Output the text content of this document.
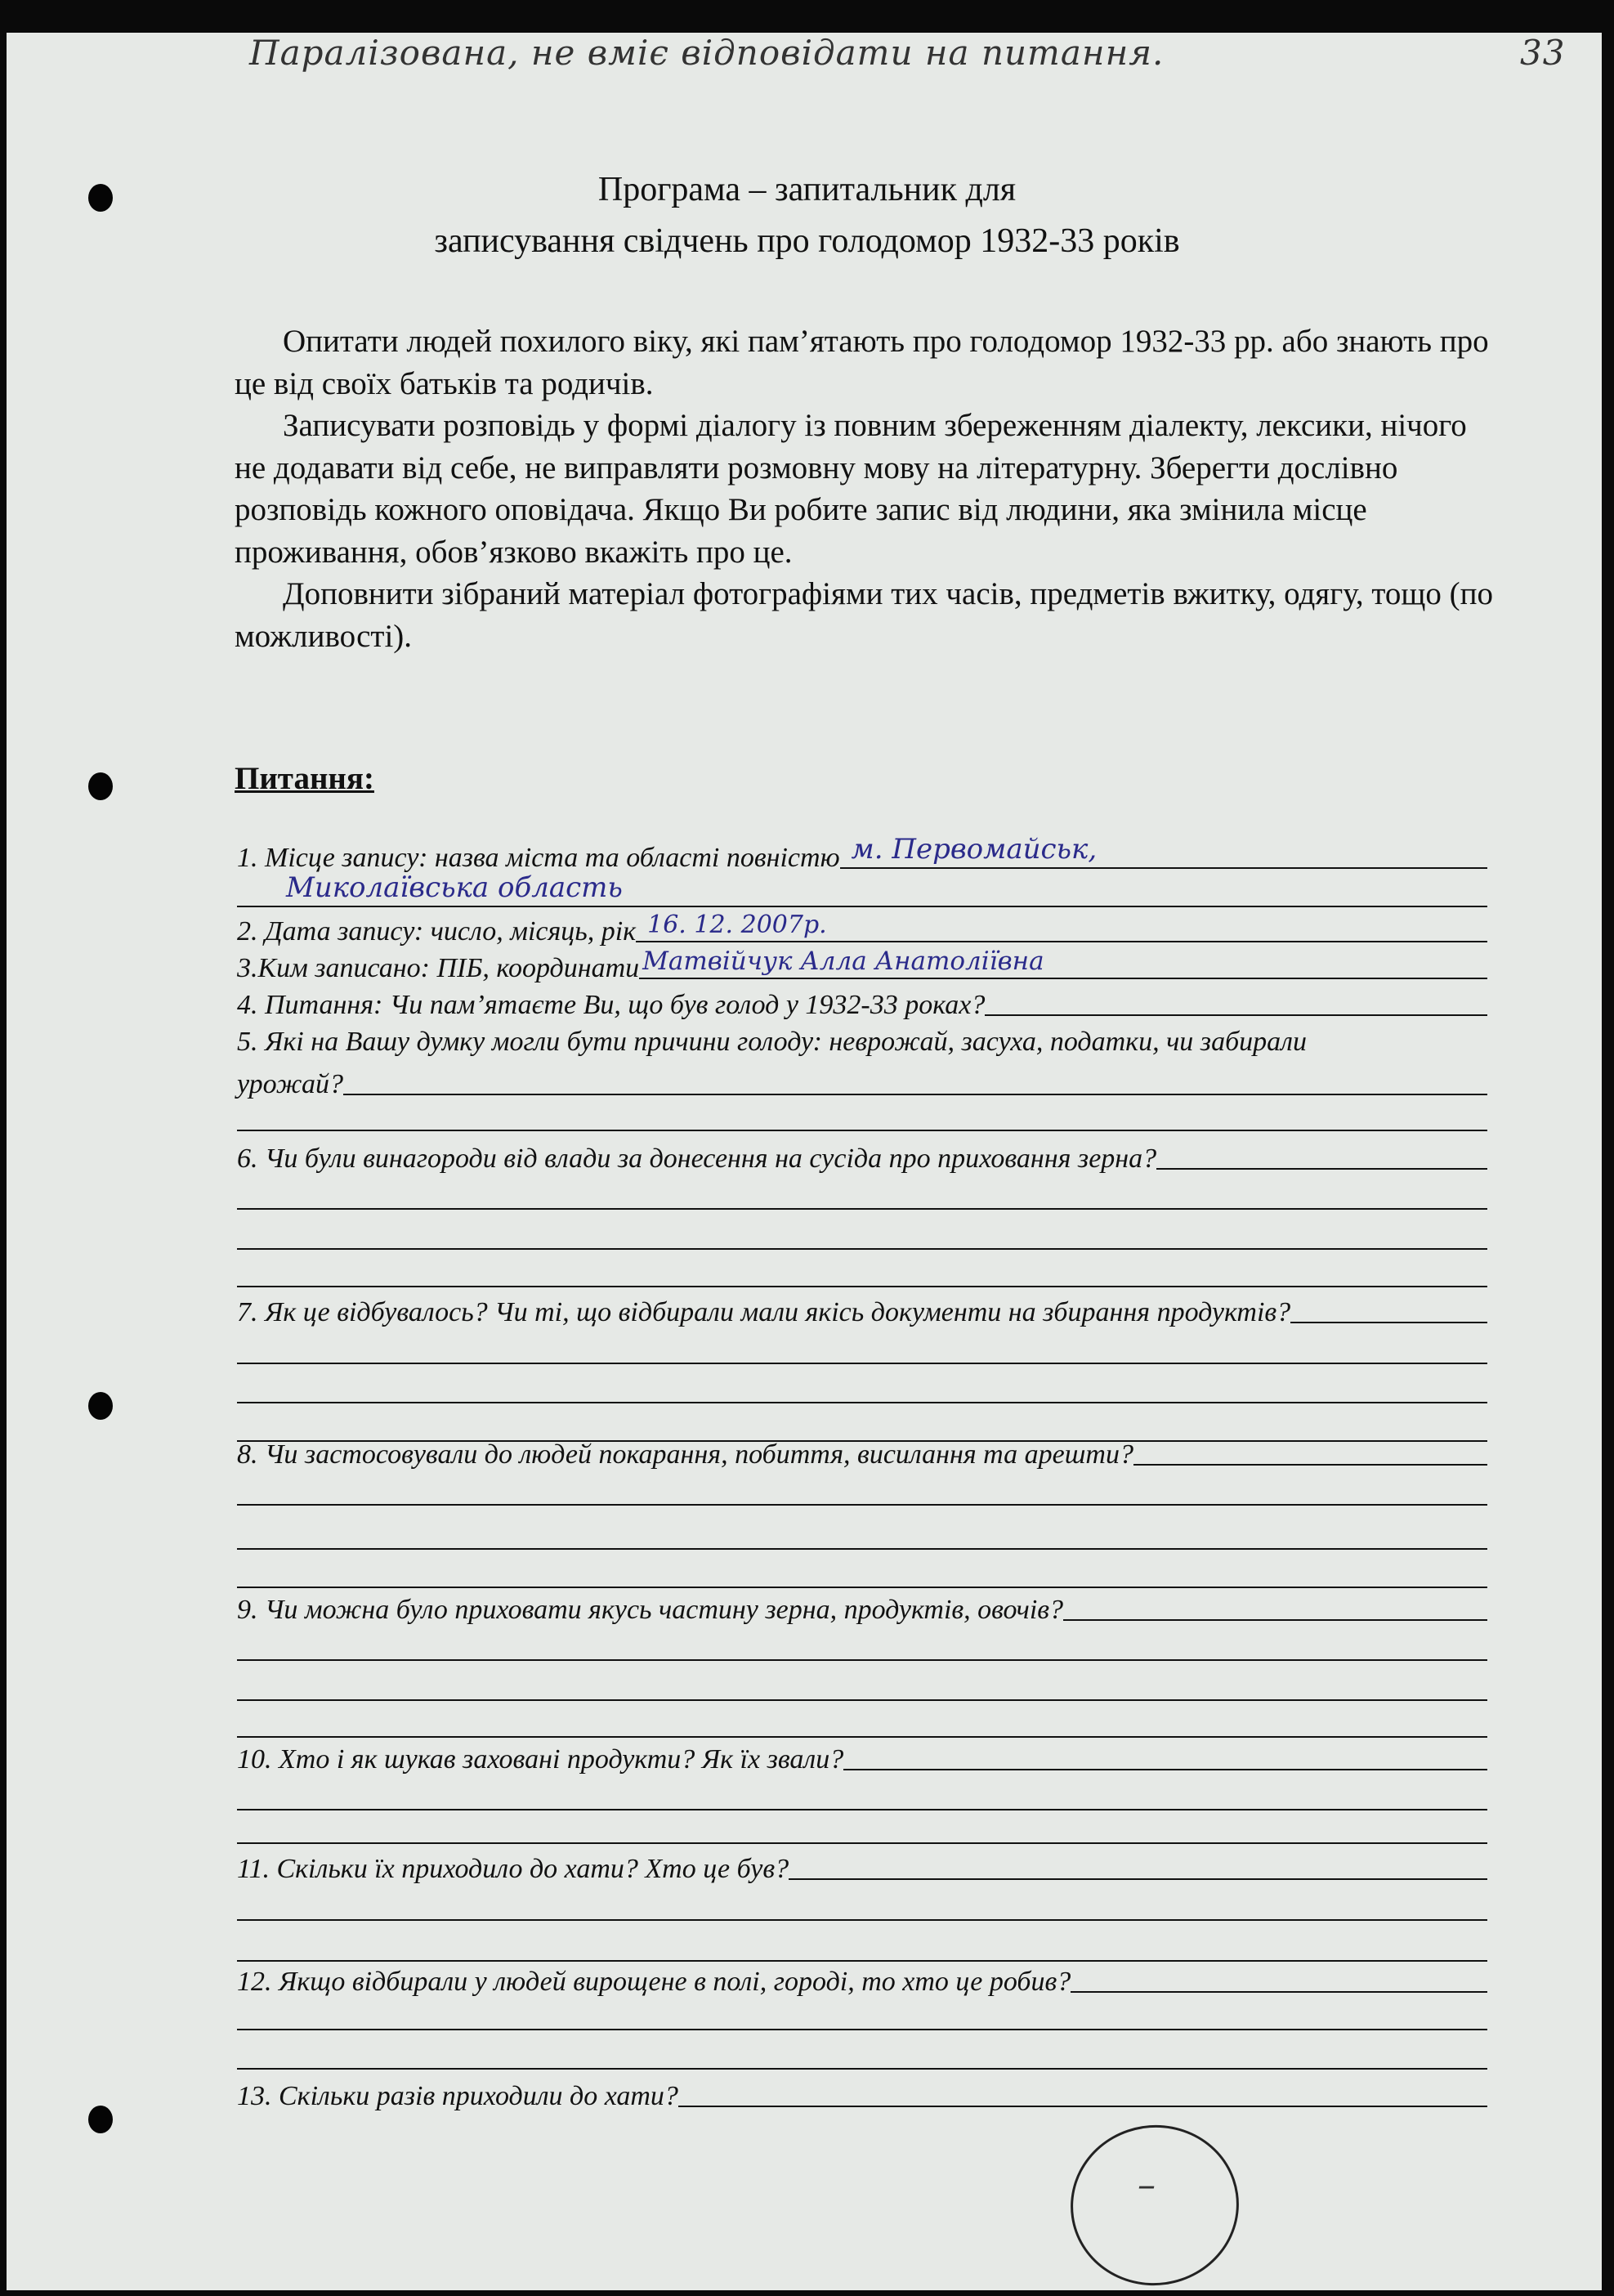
Паралізована, не вміє відповідати на питання.	33
Програма – запитальник для
записування свідчень про голодомор 1932-33 років

Опитати людей похилого віку, які пам’ятають про голодомор 1932-33 рр. або знають про це від своїх батьків та родичів.

Записувати розповідь у формі діалогу із повним збереженням діалекту, лексики, нічого не додавати від себе, не виправляти розмовну мову на літературну. Зберегти дослівно розповідь кожного оповідача. Якщо Ви робите запис від людини, яка змінила місце проживання, обов’язково вкажіть про це.

Доповнити зібраний матеріал фотографіями тих часів, предметів вжитку, одягу, тощо (по можливості).

Питання:
1. Місце запису: назва міста та області повністю м. Первомайськ,
Миколаївська область
2. Дата запису: число, місяць, рік 16. 12. 2007р.
3.Ким записано: ПІБ, координати Матвійчук Алла Анатоліївна
4. Питання: Чи пам’ятаєте Ви, що був голод у 1932-33 роках?
5. Які на Вашу думку могли бути причини голоду: неврожай, засуха, податки, чи забирали
урожай?
6. Чи були винагороди від влади за донесення на сусіда про приховання зерна?
7. Як це відбувалось? Чи ті, що відбирали мали якісь документи на збирання продуктів?
8. Чи застосовували до людей покарання, побиття, висилання та арешти?
9. Чи можна було приховати якусь частину зерна, продуктів, овочів?
10. Хто і як шукав заховані продукти? Як їх звали?
11. Скільки їх приходило до хати? Хто це був?
12. Якщо відбирали у людей вирощене в полі, городі, то хто це робив?
13. Скільки разів приходили до хати?
–
